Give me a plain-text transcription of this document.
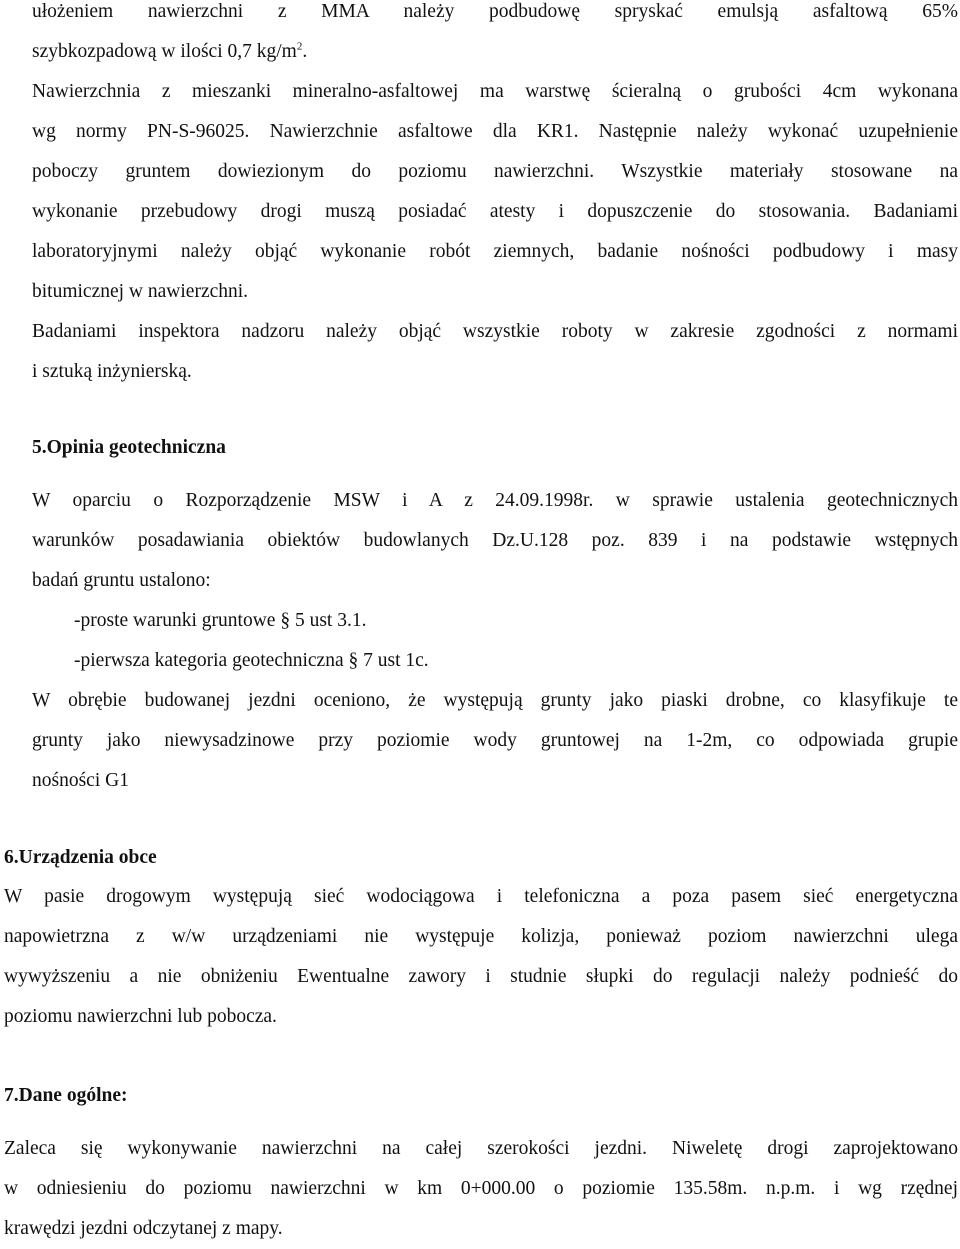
ułożeniem nawierzchni z MMA należy podbudowę spryskać emulsją asfaltową 65%
szybkozpadową w ilości 0,7 $kg/m^2$.
Nawierzchnia z mieszanki mineralno-asfaltowej ma warstwę ścieralną o grubości 4cm wykonana
wg normy PN-S-96025. Nawierzchnie asfaltowe dla KR1. Następnie należy wykonać uzupełnienie
poboczy gruntem dowiezionym do poziomu nawierzchni. Wszystkie materiały stosowane na
wykonanie przebudowy drogi muszą posiadać atesty i dopuszczenie do stosowania. Badaniami
laboratoryjnymi należy objąć wykonanie robót ziemnych, badanie nośności podbudowy i masy
bitumicznej w nawierzchni.
Badaniami inspektora nadzoru należy objąć wszystkie roboty w zakresie zgodności z normami
i sztuką inżynierską.
5.Opinia geotechniczna
W oparciu o Rozporządzenie MSW i A z 24.09.1998r. w sprawie ustalenia geotechnicznych
warunków posadawiania obiektów budowlanych Dz.U.128 poz. 839 i na podstawie wstępnych
badań gruntu ustalono:
-proste warunki gruntowe § 5 ust 3.1.
-pierwsza kategoria geotechniczna § 7 ust 1c.
W obrębie budowanej jezdni oceniono, że występują grunty jako piaski drobne, co klasyfikuje te
grunty jako niewysadzinowe przy poziomie wody gruntowej na 1-2m, co odpowiada grupie
nośności G1
6.Urządzenia obce
W pasie drogowym występują sieć wodociągowa i telefoniczna a poza pasem sieć energetyczna
napowietrzna z w/w urządzeniami nie występuje kolizja, ponieważ poziom nawierzchni ulega
wywyższeniu a nie obniżeniu Ewentualne zawory i studnie słupki do regulacji należy podnieść do
poziomu nawierzchni lub pobocza.
7.Dane ogólne:
Zaleca się wykonywanie nawierzchni na całej szerokości jezdni. Niweletę drogi zaprojektowano
w odniesieniu do poziomu nawierzchni w km 0+000.00 o poziomie 135.58m. n.p.m. i wg rzędnej
krawędzi jezdni odczytanej z mapy.
